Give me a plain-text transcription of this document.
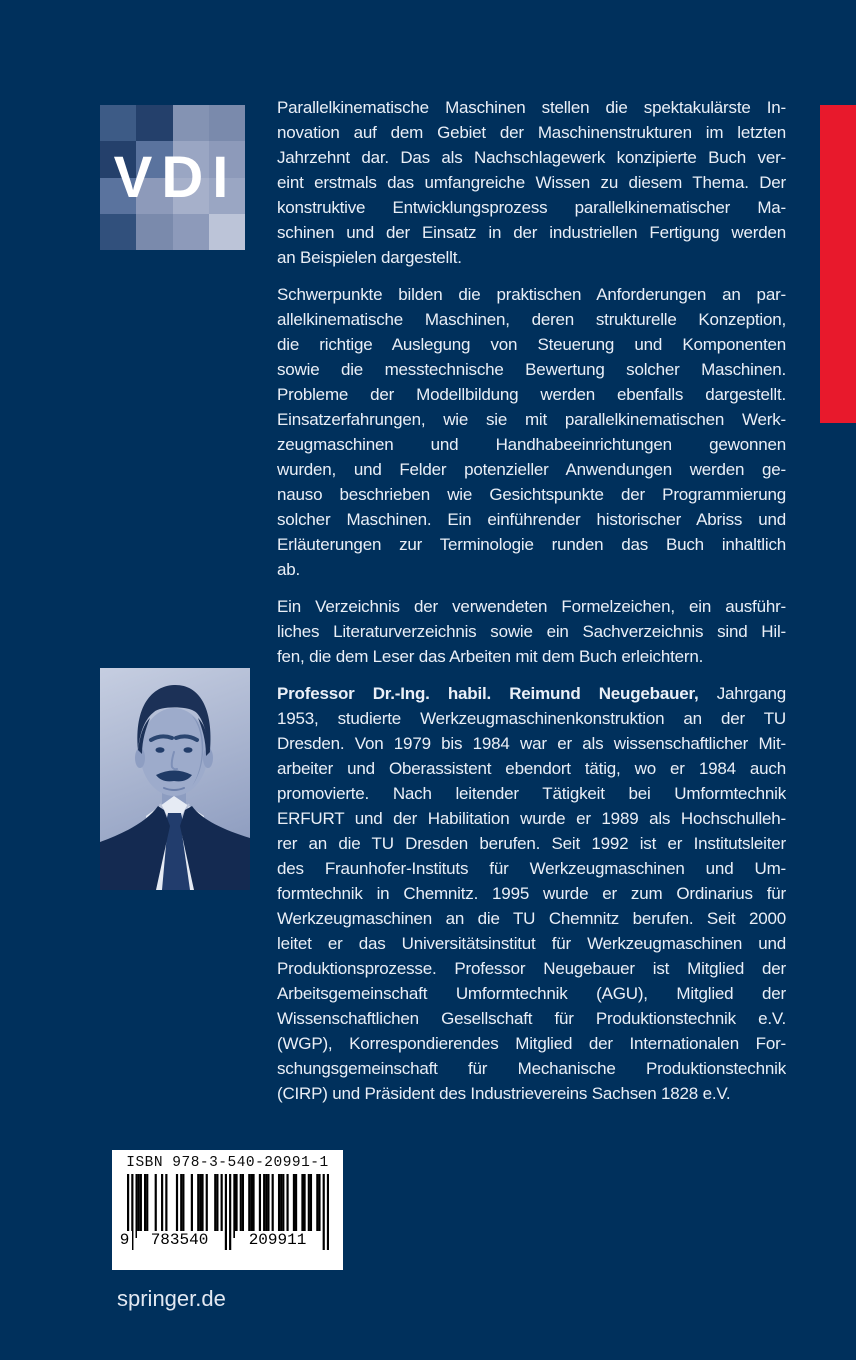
VDI
Parallelkinematische Maschinen stellen die spektakulärste In-
novation auf dem Gebiet der Maschinenstrukturen im letzten
Jahrzehnt dar. Das als Nachschlagewerk konzipierte Buch ver-
eint erstmals das umfangreiche Wissen zu diesem Thema. Der
konstruktive Entwicklungsprozess parallelkinematischer Ma-
schinen und der Einsatz in der industriellen Fertigung werden
an Beispielen dargestellt.
Schwerpunkte bilden die praktischen Anforderungen an par-
allelkinematische Maschinen, deren strukturelle Konzeption,
die richtige Auslegung von Steuerung und Komponenten
sowie die messtechnische Bewertung solcher Maschinen.
Probleme der Modellbildung werden ebenfalls dargestellt.
Einsatzerfahrungen, wie sie mit parallelkinematischen Werk-
zeugmaschinen und Handhabeeinrichtungen gewonnen
wurden, und Felder potenzieller Anwendungen werden ge-
nauso beschrieben wie Gesichtspunkte der Programmierung
solcher Maschinen. Ein einführender historischer Abriss und
Erläuterungen zur Terminologie runden das Buch inhaltlich
ab.
Ein Verzeichnis der verwendeten Formelzeichen, ein ausführ-
liches Literaturverzeichnis sowie ein Sachverzeichnis sind Hil-
fen, die dem Leser das Arbeiten mit dem Buch erleichtern.
Professor Dr.-Ing. habil. Reimund Neugebauer, Jahrgang
1953, studierte Werkzeugmaschinenkonstruktion an der TU
Dresden. Von 1979 bis 1984 war er als wissenschaftlicher Mit-
arbeiter und Oberassistent ebendort tätig, wo er 1984 auch
promovierte. Nach leitender Tätigkeit bei Umformtechnik
ERFURT und der Habilitation wurde er 1989 als Hochschulleh-
rer an die TU Dresden berufen. Seit 1992 ist er Institutsleiter
des Fraunhofer-Instituts für Werkzeugmaschinen und Um-
formtechnik in Chemnitz. 1995 wurde er zum Ordinarius für
Werkzeugmaschinen an die TU Chemnitz berufen. Seit 2000
leitet er das Universitätsinstitut für Werkzeugmaschinen und
Produktionsprozesse. Professor Neugebauer ist Mitglied der
Arbeitsgemeinschaft Umformtechnik (AGU), Mitglied der
Wissenschaftlichen Gesellschaft für Produktionstechnik e.V.
(WGP), Korrespondierendes Mitglied der Internationalen For-
schungsgemeinschaft für Mechanische Produktionstechnik
(CIRP) und Präsident des Industrievereins Sachsen 1828 e.V.
ISBN 978-3-540-20991-1
9	783540	209911
springer.de
